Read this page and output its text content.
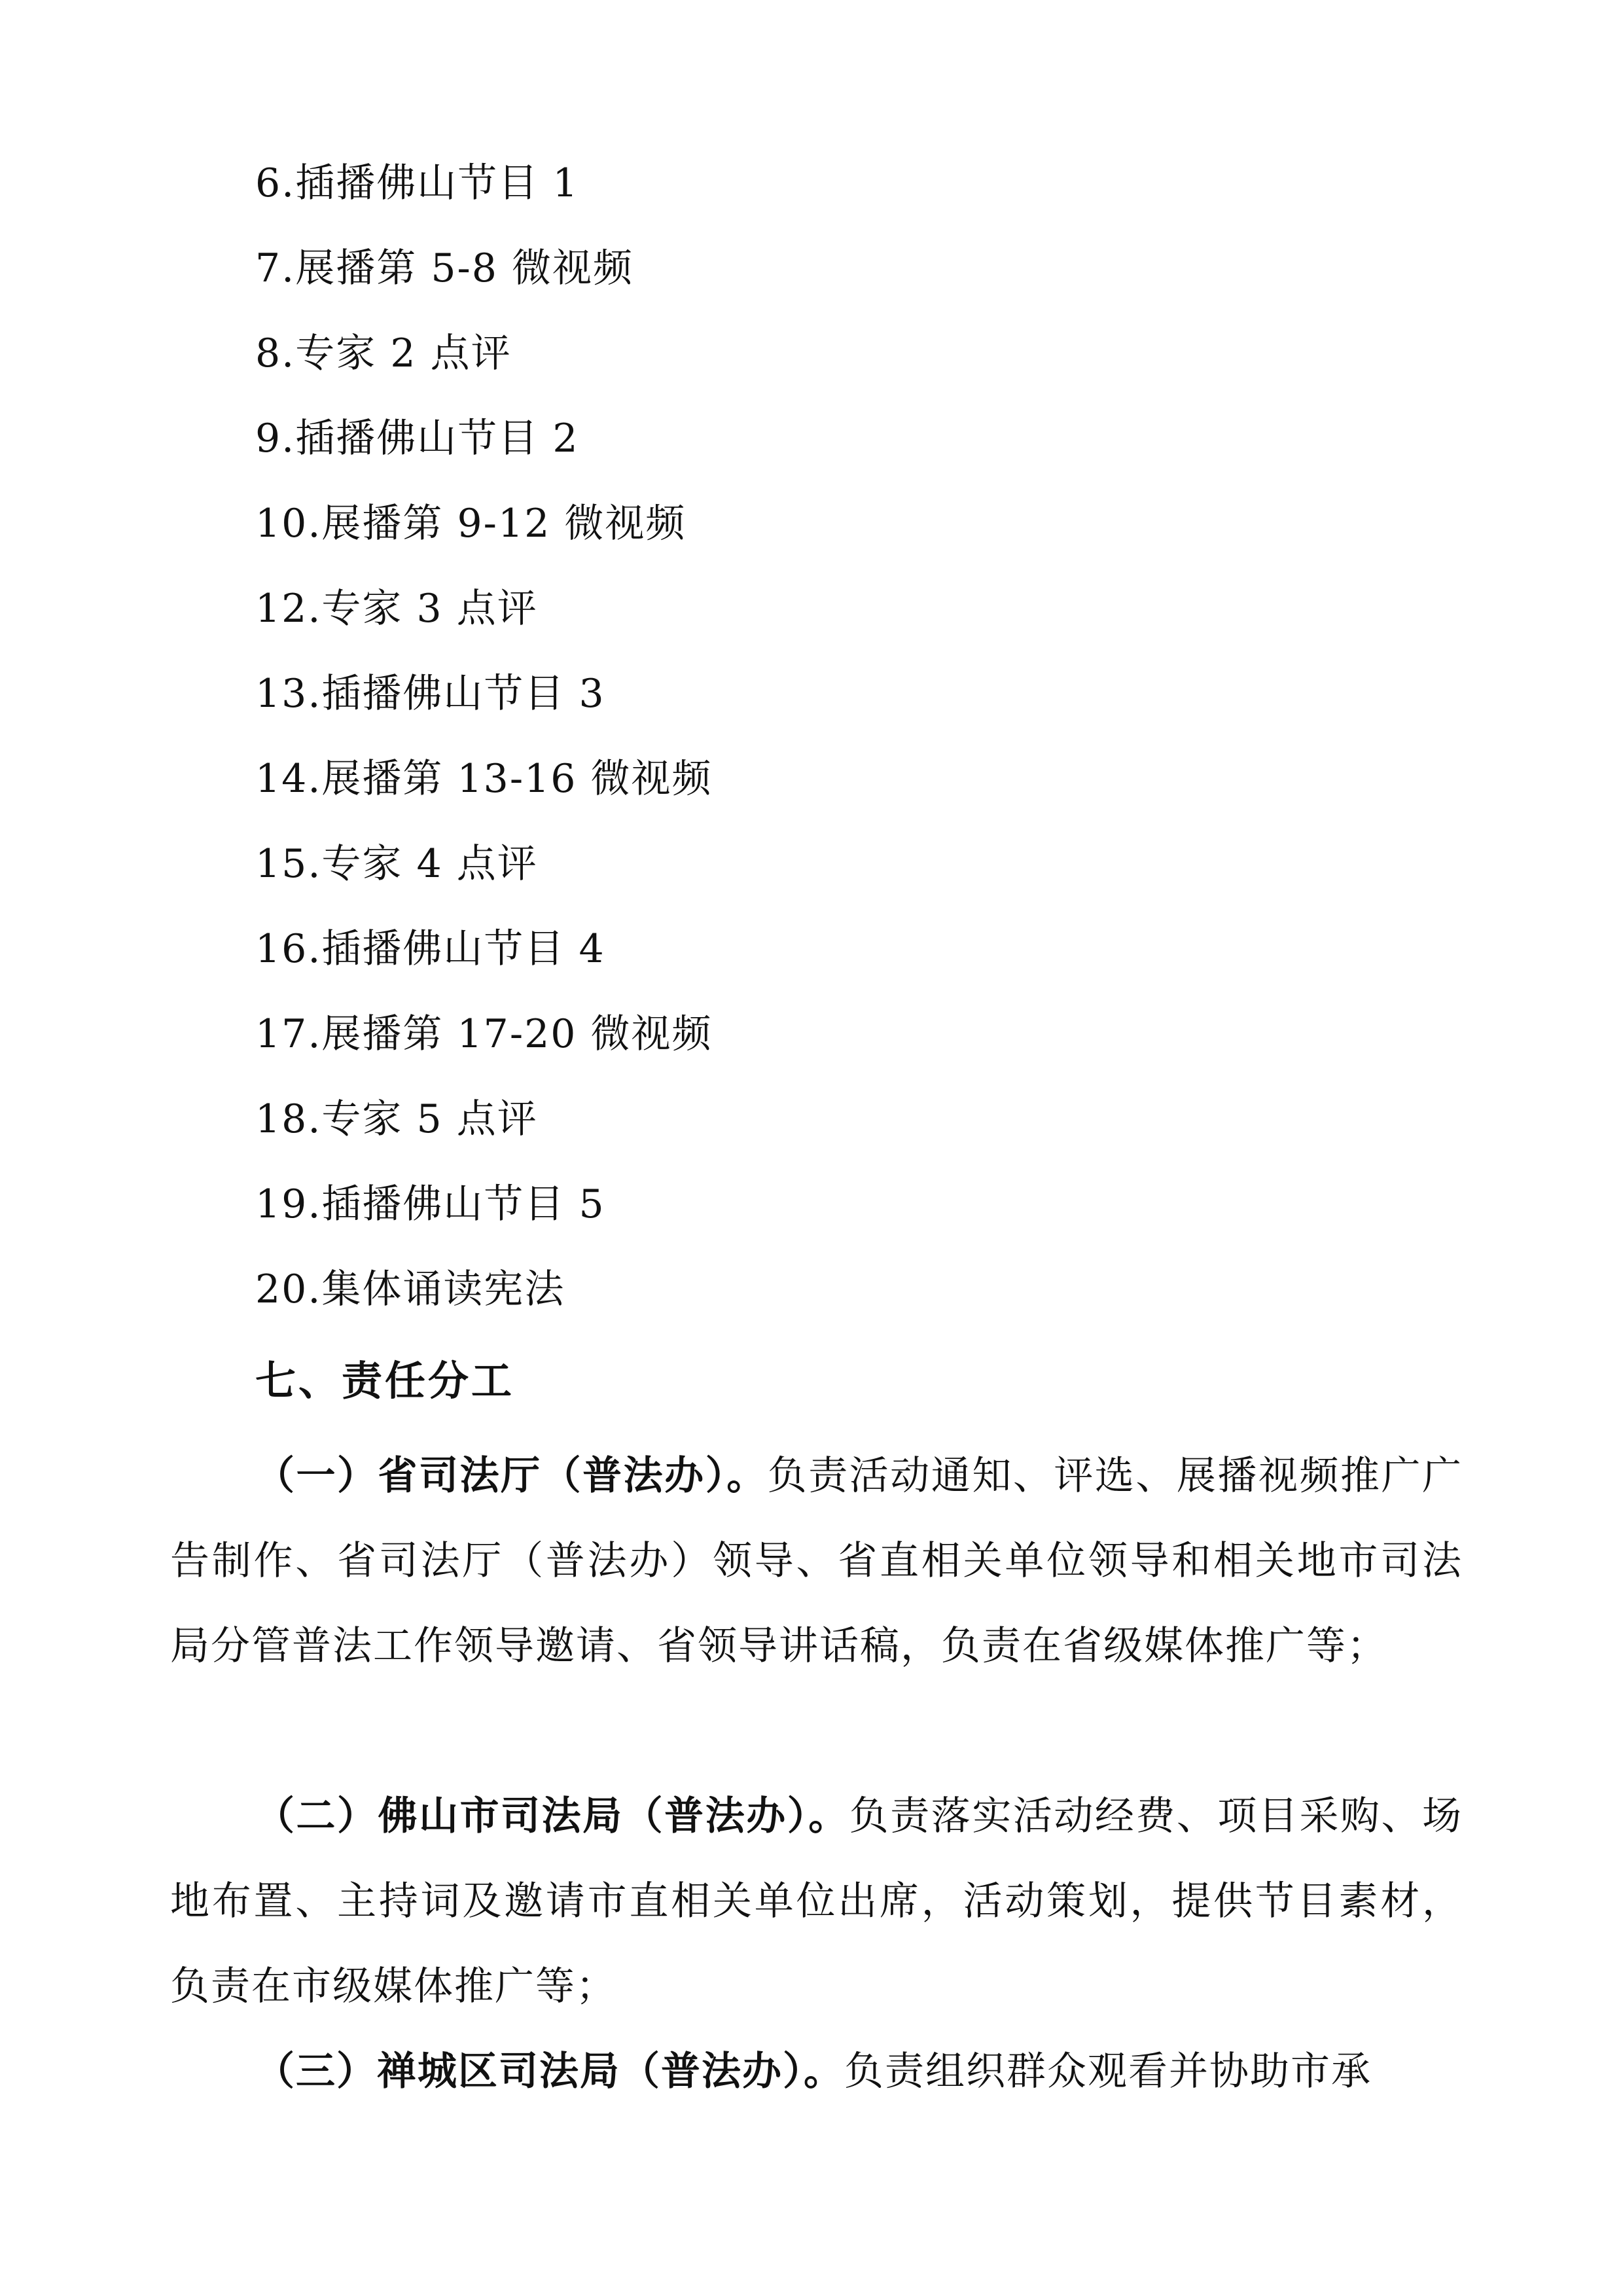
6.插播佛山节目 1
7.展播第 5-8 微视频
8.专家 2 点评
9.插播佛山节目 2
10.展播第 9-12 微视频
12.专家 3 点评
13.插播佛山节目 3
14.展播第 13-16 微视频
15.专家 4 点评
16.插播佛山节目 4
17.展播第 17-20 微视频
18.专家 5 点评
19.插播佛山节目 5
20.集体诵读宪法
七、责任分工

（一）省司法厅（普法办）。负责活动通知、评选、展播视频推广广告制作、省司法厅（普法办）领导、省直相关单位领导和相关地市司法局分管普法工作领导邀请、省领导讲话稿，负责在省级媒体推广等；

（二）佛山市司法局（普法办）。负责落实活动经费、项目采购、场地布置、主持词及邀请市直相关单位出席，活动策划，提供节目素材，负责在市级媒体推广等；

（三）禅城区司法局（普法办）。负责组织群众观看并协助市承
